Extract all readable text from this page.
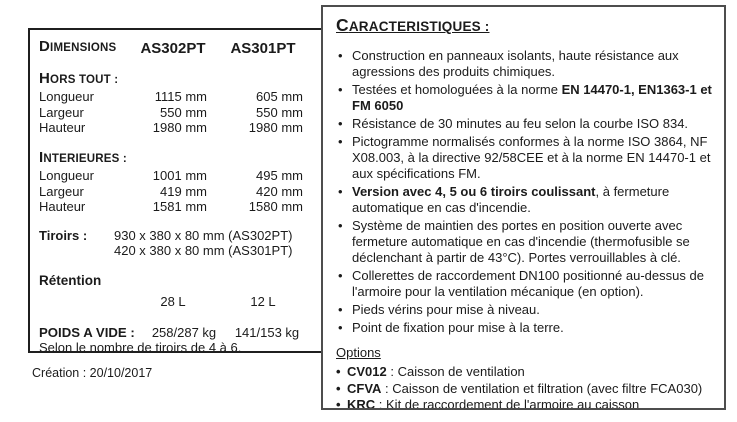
DIMENSIONS	AS302PT	AS301PT
HORS TOUT :
Longueur	1115 mm	605 mm
Largeur	550 mm	550 mm
Hauteur	1980 mm	1980 mm
INTERIEURES :
Longueur	1001 mm	495 mm
Largeur	419 mm	420 mm
Hauteur	1581 mm	1580 mm
Tiroirs :	930 x 380 x 80 mm (AS302PT)
420 x 380 x 80 mm (AS301PT)
Rétention
28 L	12 L
POIDS A VIDE :	258/287 kg	141/153 kg
Selon le nombre de tiroirs de 4 à 6.
Création : 20/10/2017
CARACTERISTIQUES :
• Construction en panneaux isolants, haute résistance aux agressions des produits chimiques.
• Testées et homologuées à la norme EN 14470-1, EN1363-1 et FM 6050
• Résistance de 30 minutes au feu selon la courbe ISO 834.
• Pictogramme normalisés conformes à la norme ISO 3864, NF X08.003, à la directive 92/58CEE et à la norme EN 14470-1 et aux spécifications FM.
• Version avec 4, 5 ou 6 tiroirs coulissant, à fermeture automatique en cas d'incendie.
• Système de maintien des portes en position ouverte avec fermeture automatique en cas d'incendie (thermofusible se déclenchant à partir de 43°C). Portes verrouillables à clé.
• Collerettes de raccordement DN100 positionné au-dessus de l'armoire pour la ventilation mécanique (en option).
• Pieds vérins pour mise à niveau.
• Point de fixation pour mise à la terre.
Options
• CV012 : Caisson de ventilation
• CFVA : Caisson de ventilation et filtration (avec filtre FCA030)
• KRC : Kit de raccordement de l'armoire au caisson
